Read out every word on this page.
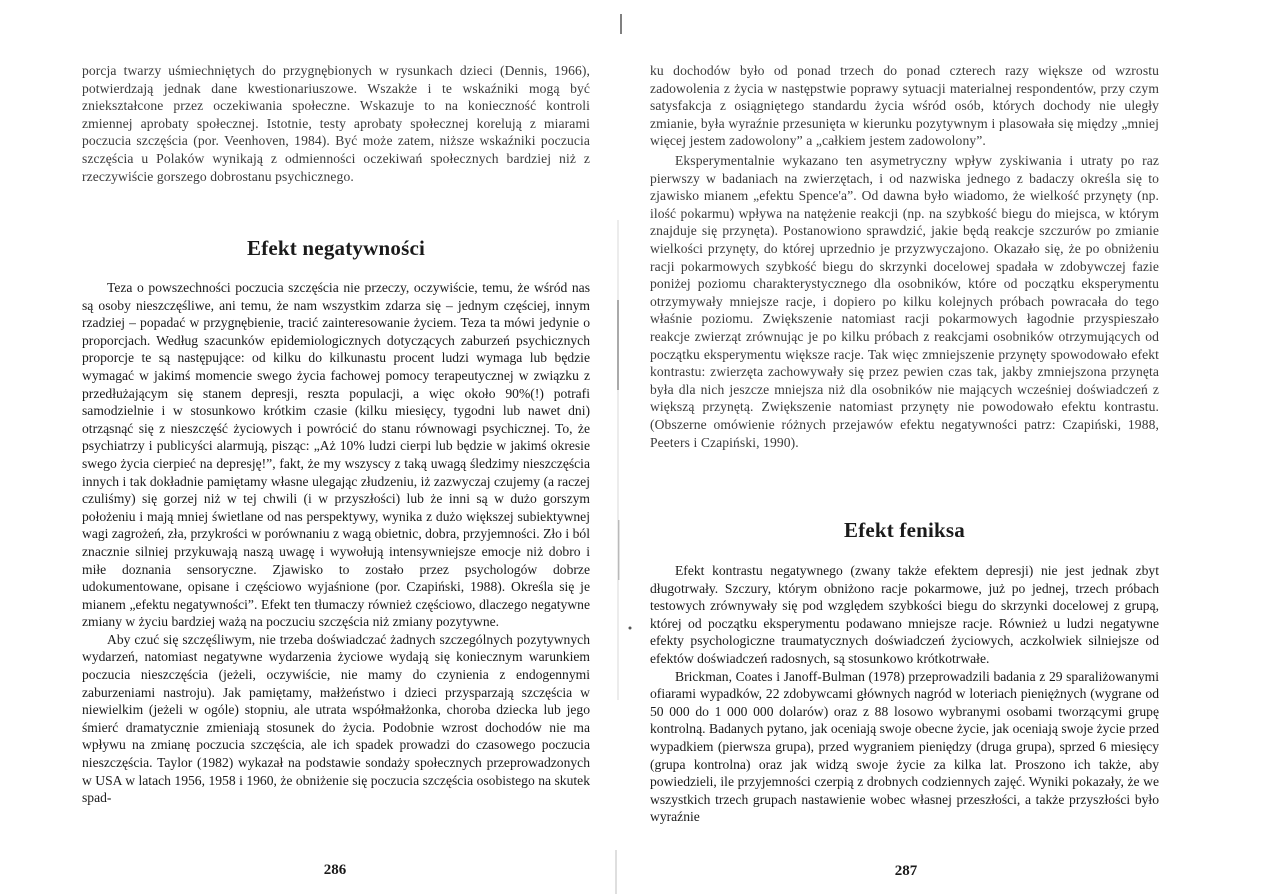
porcja twarzy uśmiechniętych do przygnębionych w rysunkach dzieci (Dennis, 1966), potwierdzają jednak dane kwestionariuszowe. Wszakże i te wskaźniki mogą być zniekształcone przez oczekiwania społeczne. Wskazuje to na konieczność kontroli zmiennej aprobaty społecznej. Istotnie, testy aprobaty społecznej korelują z miarami poczucia szczęścia (por. Veenhoven, 1984). Być może zatem, niższe wskaźniki poczucia szczęścia u Polaków wynikają z odmienności oczekiwań społecznych bardziej niż z rzeczywiście gorszego dobrostanu psychicznego.

Efekt negatywności

Teza o powszechności poczucia szczęścia nie przeczy, oczywiście, temu, że wśród nas są osoby nieszczęśliwe, ani temu, że nam wszystkim zdarza się – jednym częściej, innym rzadziej – popadać w przygnębienie, tracić zainteresowanie życiem. Teza ta mówi jedynie o proporcjach. Według szacunków epidemiologicznych dotyczących zaburzeń psychicznych proporcje te są następujące: od kilku do kilkunastu procent ludzi wymaga lub będzie wymagać w jakimś momencie swego życia fachowej pomocy terapeutycznej w związku z przedłużającym się stanem depresji, reszta populacji, a więc około 90%(!) potrafi samodzielnie i w stosunkowo krótkim czasie (kilku miesięcy, tygodni lub nawet dni) otrząsnąć się z nieszczęść życiowych i powrócić do stanu równowagi psychicznej. To, że psychiatrzy i publicyści alarmują, pisząc: „Aż 10% ludzi cierpi lub będzie w jakimś okresie swego życia cierpieć na depresję!”, fakt, że my wszyscy z taką uwagą śledzimy nieszczęścia innych i tak dokładnie pamiętamy własne ulegając złudzeniu, iż zazwyczaj czujemy (a raczej czuliśmy) się gorzej niż w tej chwili (i w przyszłości) lub że inni są w dużo gorszym położeniu i mają mniej świetlane od nas perspektywy, wynika z dużo większej subiektywnej wagi zagrożeń, zła, przykrości w porównaniu z wagą obietnic, dobra, przyjemności. Zło i ból znacznie silniej przykuwają naszą uwagę i wywołują intensywniejsze emocje niż dobro i miłe doznania sensoryczne. Zjawisko to zostało przez psychologów dobrze udokumentowane, opisane i częściowo wyjaśnione (por. Czapiński, 1988). Określa się je mianem „efektu negatywności”. Efekt ten tłumaczy również częściowo, dlaczego negatywne zmiany w życiu bardziej ważą na poczuciu szczęścia niż zmiany pozytywne.

Aby czuć się szczęśliwym, nie trzeba doświadczać żadnych szczególnych pozytywnych wydarzeń, natomiast negatywne wydarzenia życiowe wydają się koniecznym warunkiem poczucia nieszczęścia (jeżeli, oczywiście, nie mamy do czynienia z endogennymi zaburzeniami nastroju). Jak pamiętamy, małżeństwo i dzieci przysparzają szczęścia w niewielkim (jeżeli w ogóle) stopniu, ale utrata współmałżonka, choroba dziecka lub jego śmierć dramatycznie zmieniają stosunek do życia. Podobnie wzrost dochodów nie ma wpływu na zmianę poczucia szczęścia, ale ich spadek prowadzi do czasowego poczucia nieszczęścia. Taylor (1982) wykazał na podstawie sondaży społecznych przeprowadzonych w USA w latach 1956, 1958 i 1960, że obniżenie się poczucia szczęścia osobistego na skutek spad-

286

ku dochodów było od ponad trzech do ponad czterech razy większe od wzrostu zadowolenia z życia w następstwie poprawy sytuacji materialnej respondentów, przy czym satysfakcja z osiągniętego standardu życia wśród osób, których dochody nie uległy zmianie, była wyraźnie przesunięta w kierunku pozytywnym i plasowała się między „mniej więcej jestem zadowolony” a „całkiem jestem zadowolony”.

Eksperymentalnie wykazano ten asymetryczny wpływ zyskiwania i utraty po raz pierwszy w badaniach na zwierzętach, i od nazwiska jednego z badaczy określa się to zjawisko mianem „efektu Spence'a”. Od dawna było wiadomo, że wielkość przynęty (np. ilość pokarmu) wpływa na natężenie reakcji (np. na szybkość biegu do miejsca, w którym znajduje się przynęta). Postanowiono sprawdzić, jakie będą reakcje szczurów po zmianie wielkości przynęty, do której uprzednio je przyzwyczajono. Okazało się, że po obniżeniu racji pokarmowych szybkość biegu do skrzynki docelowej spadała w zdobywczej fazie poniżej poziomu charakterystycznego dla osobników, które od początku eksperymentu otrzymywały mniejsze racje, i dopiero po kilku kolejnych próbach powracała do tego właśnie poziomu. Zwiększenie natomiast racji pokarmowych łagodnie przyspieszało reakcje zwierząt zrównując je po kilku próbach z reakcjami osobników otrzymujących od początku eksperymentu większe racje. Tak więc zmniejszenie przynęty spowodowało efekt kontrastu: zwierzęta zachowywały się przez pewien czas tak, jakby zmniejszona przynęta była dla nich jeszcze mniejsza niż dla osobników nie mających wcześniej doświadczeń z większą przynętą. Zwiększenie natomiast przynęty nie powodowało efektu kontrastu. (Obszerne omówienie różnych przejawów efektu negatywności patrz: Czapiński, 1988, Peeters i Czapiński, 1990).

Efekt feniksa

Efekt kontrastu negatywnego (zwany także efektem depresji) nie jest jednak zbyt długotrwały. Szczury, którym obniżono racje pokarmowe, już po jednej, trzech próbach testowych zrównywały się pod względem szybkości biegu do skrzynki docelowej z grupą, której od początku eksperymentu podawano mniejsze racje. Również u ludzi negatywne efekty psychologiczne traumatycznych doświadczeń życiowych, aczkolwiek silniejsze od efektów doświadczeń radosnych, są stosunkowo krótkotrwałe.

Brickman, Coates i Janoff-Bulman (1978) przeprowadzili badania z 29 sparaliżowanymi ofiarami wypadków, 22 zdobywcami głównych nagród w loteriach pieniężnych (wygrane od 50 000 do 1 000 000 dolarów) oraz z 88 losowo wybranymi osobami tworzącymi grupę kontrolną. Badanych pytano, jak oceniają swoje obecne życie, jak oceniają swoje życie przed wypadkiem (pierwsza grupa), przed wygraniem pieniędzy (druga grupa), sprzed 6 miesięcy (grupa kontrolna) oraz jak widzą swoje życie za kilka lat. Proszono ich także, aby powiedzieli, ile przyjemności czerpią z drobnych codziennych zajęć. Wyniki pokazały, że we wszystkich trzech grupach nastawienie wobec własnej przeszłości, a także przyszłości było wyraźnie

287
